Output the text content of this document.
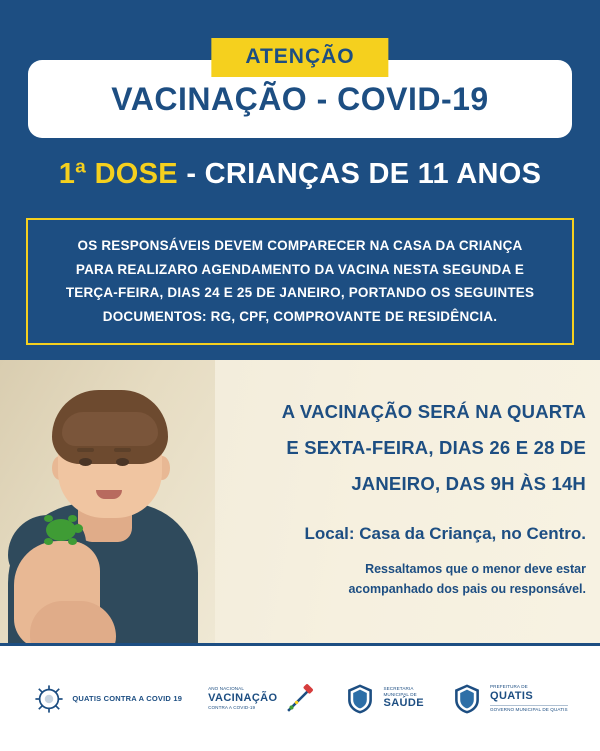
VACINAÇÃO - COVID-19
ATENÇÃO
1ª DOSE - CRIANÇAS DE 11 ANOS

OS RESPONSÁVEIS DEVEM COMPARECER NA CASA DA CRIANÇA

PARA REALIZARO AGENDAMENTO DA VACINA NESTA SEGUNDA E

TERÇA-FEIRA, DIAS 24 E 25 DE JANEIRO, PORTANDO OS SEGUINTES

DOCUMENTOS: RG, CPF, COMPROVANTE DE RESIDÊNCIA.

A VACINAÇÃO SERÁ NA QUARTA
E SEXTA-FEIRA, DIAS 26 E 28 DE
JANEIRO, DAS 9H ÀS 14H
Local: Casa da Criança, no Centro.
Ressaltamos que o menor deve estar
acompanhado dos pais ou responsável.
QUATIS CONTRA A COVID 19
ANO NACIONAL
VACINAÇÃO
CONTRA A COVID-19
SECRETARIA
MUNICIPAL DE
SAÚDE
PREFEITURA DE
QUATIS
GOVERNO MUNICIPAL DE QUATIS
